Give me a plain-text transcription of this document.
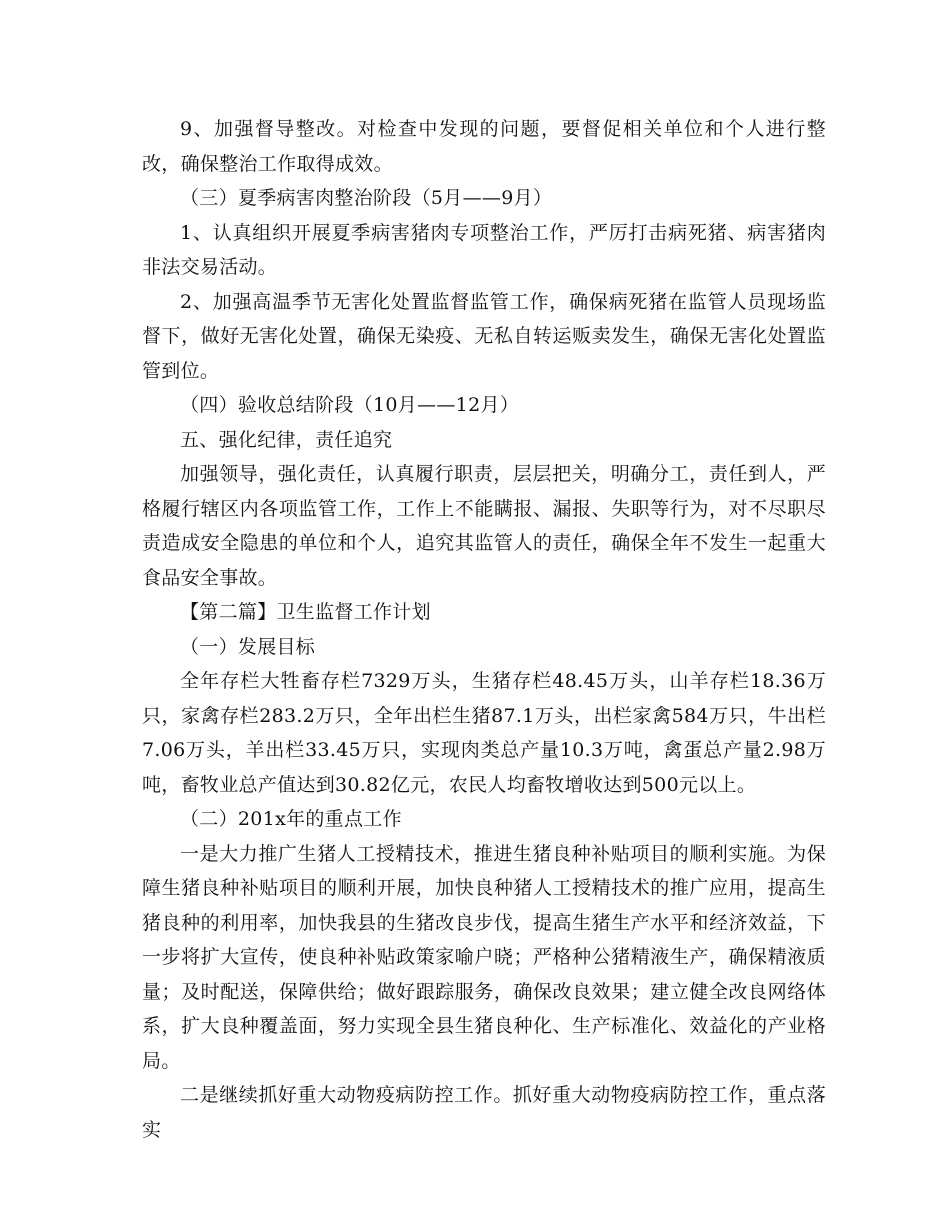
9、加强督导整改。对检查中发现的问题，要督促相关单位和个人进行整改，确保整治工作取得成效。

（三）夏季病害肉整治阶段（5月——9月）

1、认真组织开展夏季病害猪肉专项整治工作，严厉打击病死猪、病害猪肉非法交易活动。

2、加强高温季节无害化处置监督监管工作，确保病死猪在监管人员现场监督下，做好无害化处置，确保无染疫、无私自转运贩卖发生，确保无害化处置监管到位。

（四）验收总结阶段（10月——12月）

五、强化纪律，责任追究

加强领导，强化责任，认真履行职责，层层把关，明确分工，责任到人，严格履行辖区内各项监管工作，工作上不能瞒报、漏报、失职等行为，对不尽职尽责造成安全隐患的单位和个人，追究其监管人的责任，确保全年不发生一起重大食品安全事故。

【第二篇】卫生监督工作计划

（一）发展目标

全年存栏大牲畜存栏7329万头，生猪存栏48.45万头，山羊存栏18.36万只，家禽存栏283.2万只，全年出栏生猪87.1万头，出栏家禽584万只，牛出栏7.06万头，羊出栏33.45万只，实现肉类总产量10.3万吨，禽蛋总产量2.98万吨，畜牧业总产值达到30.82亿元，农民人均畜牧增收达到500元以上。

（二）201x年的重点工作

一是大力推广生猪人工授精技术，推进生猪良种补贴项目的顺利实施。为保障生猪良种补贴项目的顺利开展，加快良种猪人工授精技术的推广应用，提高生猪良种的利用率，加快我县的生猪改良步伐，提高生猪生产水平和经济效益，下一步将扩大宣传，使良种补贴政策家喻户晓；严格种公猪精液生产，确保精液质量；及时配送，保障供给；做好跟踪服务，确保改良效果；建立健全改良网络体系，扩大良种覆盖面，努力实现全县生猪良种化、生产标准化、效益化的产业格局。

二是继续抓好重大动物疫病防控工作。抓好重大动物疫病防控工作，重点落实
